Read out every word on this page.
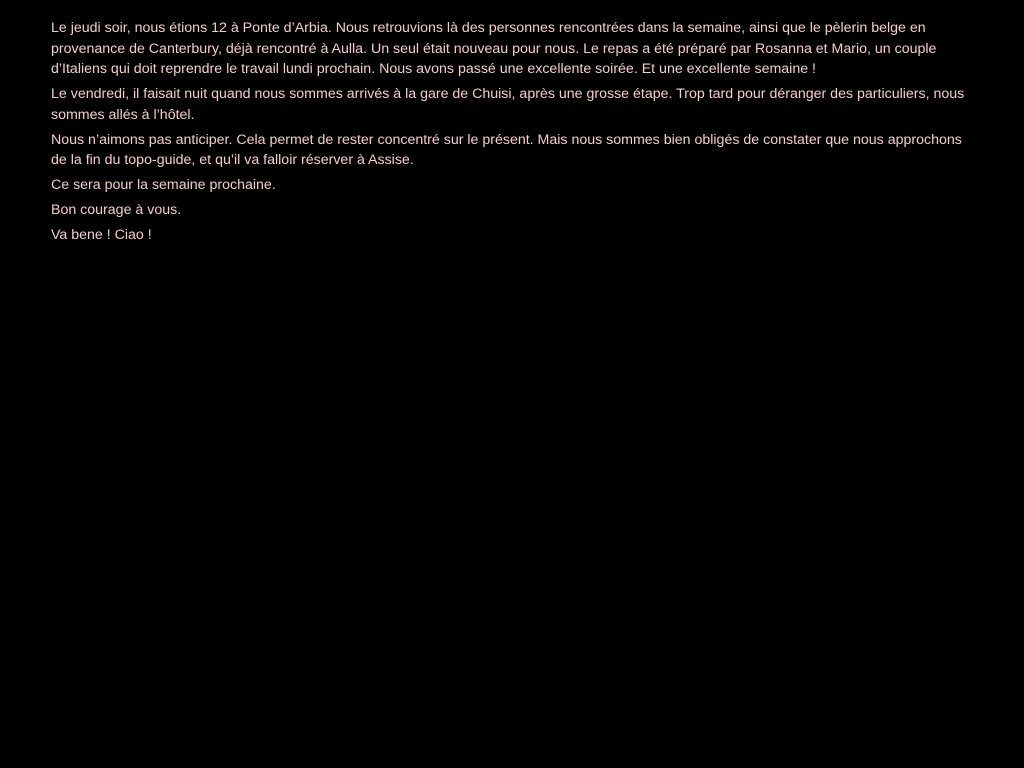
Le jeudi soir, nous étions 12 à Ponte d’Arbia. Nous retrouvions là des personnes rencontrées dans la semaine, ainsi que le pèlerin belge en provenance de Canterbury, déjà rencontré à Aulla. Un seul était nouveau pour nous. Le repas a été préparé par Rosanna et Mario, un couple d’Italiens qui doit reprendre le travail lundi prochain. Nous avons passé une excellente soirée. Et une excellente semaine !

Le vendredi, il faisait nuit quand nous sommes arrivés à la gare de Chuisi, après une grosse étape. Trop tard pour déranger des particuliers, nous sommes allés à l’hôtel.

Nous n’aimons pas anticiper. Cela permet de rester concentré sur le présent. Mais nous sommes bien obligés de constater que nous approchons de la fin du topo-guide, et qu’il va falloir réserver à Assise.

Ce sera pour la semaine prochaine.

Bon courage à vous.

Va bene ! Ciao !
